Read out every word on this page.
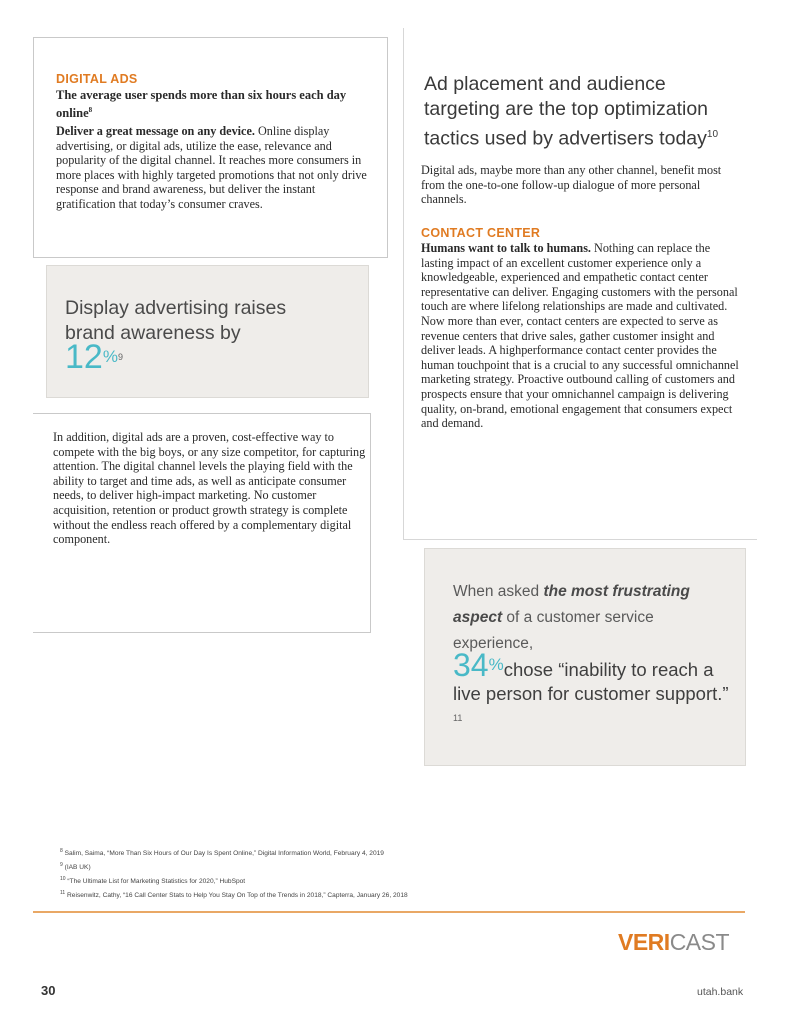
DIGITAL ADS
The average user spends more than six hours each day online$^8$
Deliver a great message on any device. Online display advertising, or digital ads, utilize the ease, relevance and popularity of the digital channel. It reaches more consumers in more places with highly targeted promotions that not only drive response and brand awareness, but deliver the instant gratification that today’s consumer craves.
Display advertising raises brand awareness by 12%$^9$
In addition, digital ads are a proven, cost-effective way to compete with the big boys, or any size competitor, for capturing attention. The digital channel levels the playing field with the ability to target and time ads, as well as anticipate consumer needs, to deliver high-impact marketing. No customer acquisition, retention or product growth strategy is complete without the endless reach offered by a complementary digital component.
Ad placement and audience targeting are the top optimization tactics used by advertisers today$^{10}$
Digital ads, maybe more than any other channel, benefit most from the one-to-one follow-up dialogue of more personal channels.
CONTACT CENTER
Humans want to talk to humans. Nothing can replace the lasting impact of an excellent customer experience only a knowledgeable, experienced and empathetic contact center representative can deliver. Engaging customers with the personal touch are where lifelong relationships are made and cultivated. Now more than ever, contact centers are expected to serve as revenue centers that drive sales, gather customer insight and deliver leads. A highperformance contact center provides the human touchpoint that is a crucial to any successful omnichannel marketing strategy. Proactive outbound calling of customers and prospects ensure that your omnichannel campaign is delivering quality, on-brand, emotional engagement that consumers expect and demand.
When asked the most frustrating aspect of a customer service experience,
34%chose “inability to reach a live person for customer support.” $^{11}$
$^8$ Salim, Saima, “More Than Six Hours of Our Day Is Spent Online,” Digital Information World, February 4, 2019
$^9$ (IAB UK)
$^{10}$ “The Ultimate List for Marketing Statistics for 2020,” HubSpot
$^{11}$ Reisenwitz, Cathy, “16 Call Center Stats to Help You Stay On Top of the Trends in 2018,” Capterra, January 26, 2018
VERICAST
30	utah.bank
